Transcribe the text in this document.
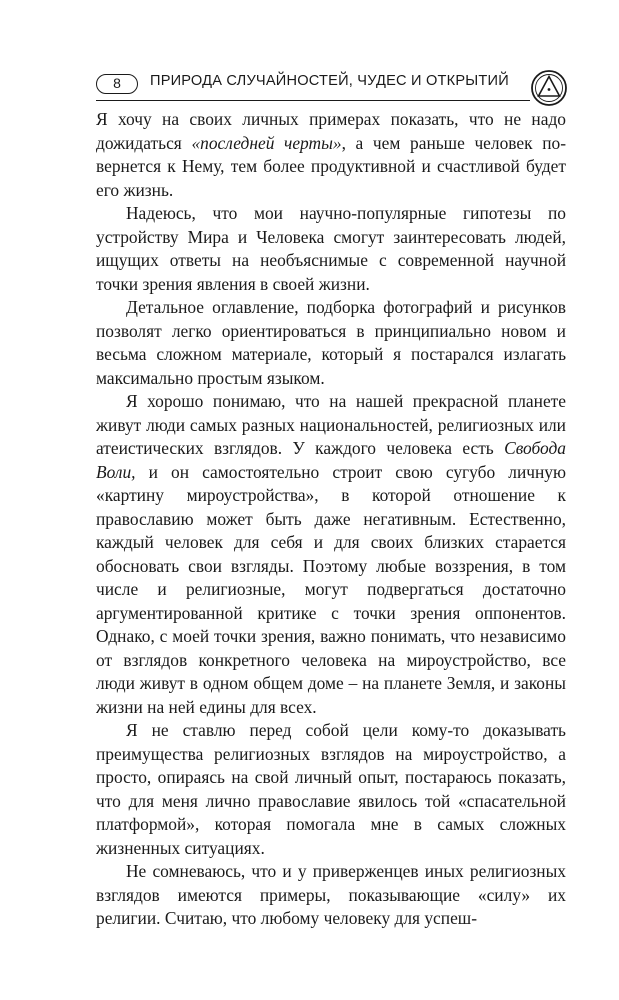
8	ПРИРОДА СЛУЧАЙНОСТЕЙ, ЧУДЕС И ОТКРЫТИЙ

Я хочу на своих личных примерах показать, что не надо дожидаться «последней черты», а чем раньше человек повернется к Нему, тем более продуктивной и счастливой будет его жизнь.

Надеюсь, что мои научно-популярные гипотезы по устройству Мира и Человека смогут заинтересовать людей, ищущих ответы на необъяснимые с современной научной точки зрения явления в своей жизни.

Детальное оглавление, подборка фотографий и рисунков позволят легко ориентироваться в принципиально новом и весьма сложном материале, который я постарался излагать максимально простым языком.

Я хорошо понимаю, что на нашей прекрасной планете живут люди самых разных национальностей, религиозных или атеистических взглядов. У каждого человека есть Свобода Воли, и он самостоятельно строит свою сугубо личную «картину мироустройства», в которой отношение к православию может быть даже негативным. Естественно, каждый человек для себя и для своих близких старается обосновать свои взгляды. Поэтому любые воззрения, в том числе и религиозные, могут подвергаться достаточно аргументированной критике с точки зрения оппонентов. Однако, с моей точки зрения, важно понимать, что независимо от взглядов конкретного человека на мироустройство, все люди живут в одном общем доме – на планете Земля, и законы жизни на ней едины для всех.

Я не ставлю перед собой цели кому-то доказывать преимущества религиозных взглядов на мироустройство, а просто, опираясь на свой личный опыт, постараюсь показать, что для меня лично православие явилось той «спасательной платформой», которая помогала мне в самых сложных жизненных ситуациях.

Не сомневаюсь, что и у приверженцев иных религиозных взглядов имеются примеры, показывающие «силу» их религии. Считаю, что любому человеку для успеш-
